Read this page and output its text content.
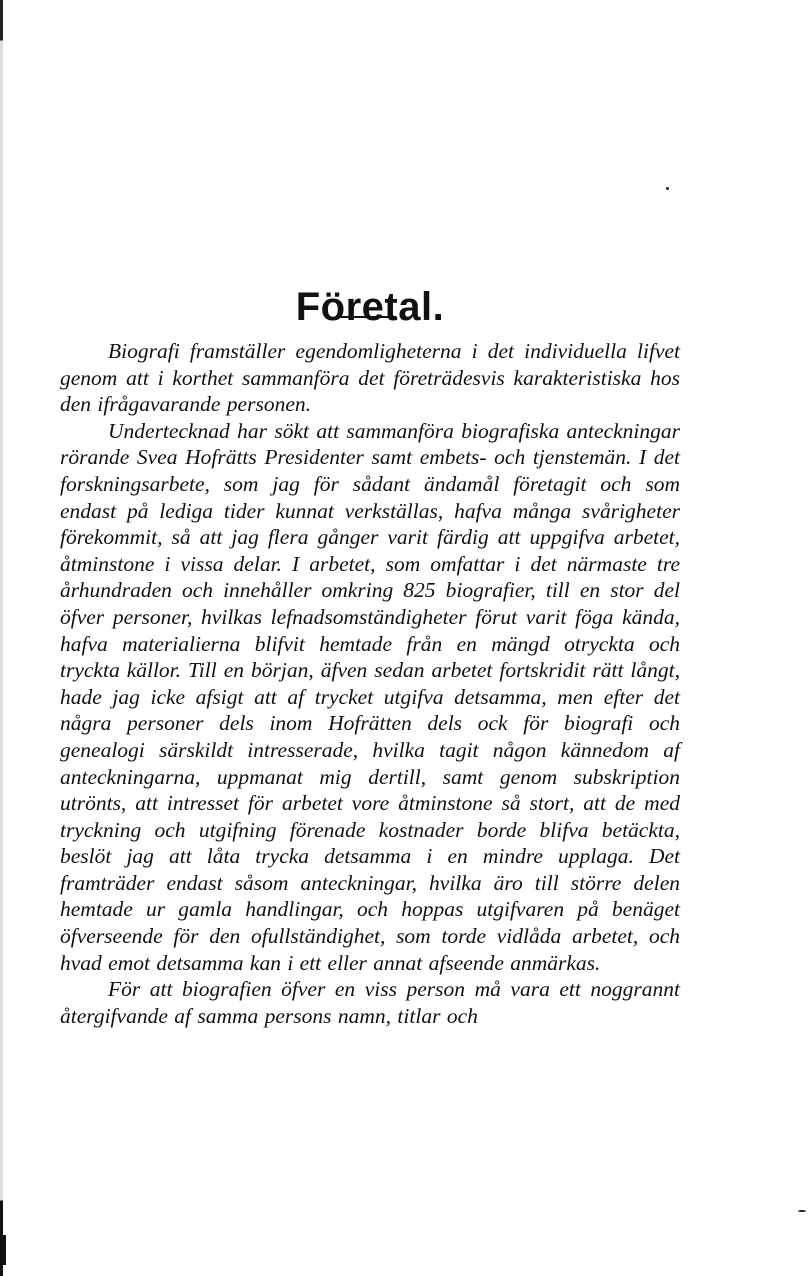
Företal.

Biografi framställer egendomligheterna i det individuella lifvet genom att i korthet sammanföra det företrädesvis karakteristiska hos den ifrågavarande personen.

Undertecknad har sökt att sammanföra biografiska anteckningar rörande Svea Hofrätts Presidenter samt embets- och tjenstemän. I det forskningsarbete, som jag för sådant ändamål företagit och som endast på lediga tider kunnat verkställas, hafva många svårigheter förekommit, så att jag flera gånger varit färdig att uppgifva arbetet, åtminstone i vissa delar. I arbetet, som omfattar i det närmaste tre århundraden och innehåller omkring 825 biografier, till en stor del öfver personer, hvilkas lefnadsomständigheter förut varit föga kända, hafva materialierna blifvit hemtade från en mängd otryckta och tryckta källor. Till en början, äfven sedan arbetet fortskridit rätt långt, hade jag icke afsigt att af trycket utgifva detsamma, men efter det några personer dels inom Hofrätten dels ock för biografi och genealogi särskildt intresserade, hvilka tagit någon kännedom af anteckningarna, uppmanat mig dertill, samt genom subskription utrönts, att intresset för arbetet vore åtminstone så stort, att de med tryckning och utgifning förenade kostnader borde blifva betäckta, beslöt jag att låta trycka detsamma i en mindre upplaga. Det framträder endast såsom anteckningar, hvilka äro till större delen hemtade ur gamla handlingar, och hoppas utgifvaren på benäget öfverseende för den ofullständighet, som torde vidlåda arbetet, och hvad emot detsamma kan i ett eller annat afseende anmärkas.

För att biografien öfver en viss person må vara ett noggrannt återgifvande af samma persons namn, titlar och
